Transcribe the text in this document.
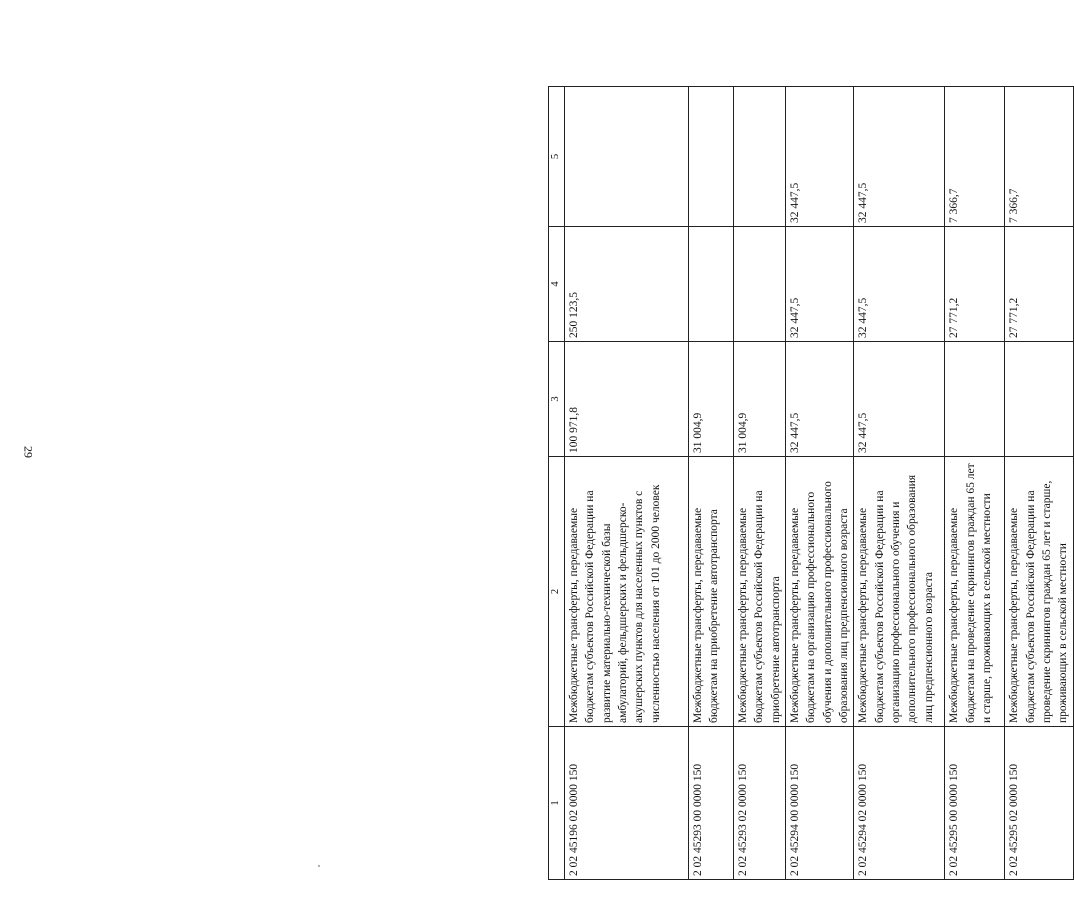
29
1	2	3	4	5
2 02 45196 02 0000 150	Межбюджетные трансферты, передаваемые бюджетам субъектов Российской Федерации на развитие материально-технической базы амбулаторий, фельдшерских и фельдшерско-акушерских пунктов для населенных пунктов с численностью населения от 101 до 2000 человек	100 971,8	250 123,5	
2 02 45293 00 0000 150	Межбюджетные трансферты, передаваемые бюджетам на приобретение автотранспорта	31 004,9		
2 02 45293 02 0000 150	Межбюджетные трансферты, передаваемые бюджетам субъектов Российской Федерации на приобретение автотранспорта	31 004,9		
2 02 45294 00 0000 150	Межбюджетные трансферты, передаваемые бюджетам на организацию профессионального обучения и дополнительного профессионального образования лиц предпенсионного возраста	32 447,5	32 447,5	32 447,5
2 02 45294 02 0000 150	Межбюджетные трансферты, передаваемые бюджетам субъектов Российской Федерации на организацию профессионального обучения и дополнительного профессионального образования лиц предпенсионного возраста	32 447,5	32 447,5	32 447,5
2 02 45295 00 0000 150	Межбюджетные трансферты, передаваемые бюджетам на проведение скринингов граждан 65 лет и старше, проживающих в сельской местности		27 771,2	7 366,7
2 02 45295 02 0000 150	Межбюджетные трансферты, передаваемые бюджетам субъектов Российской Федерации на проведение скринингов граждан 65 лет и старше, проживающих в сельской местности		27 771,2	7 366,7
